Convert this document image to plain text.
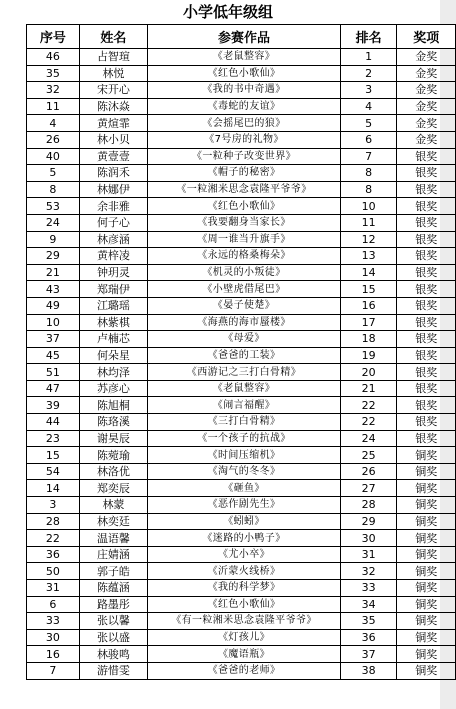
小学低年级组
序号	姓名	参赛作品	排名	奖项
46	占智瑄	《老鼠整容》	1	金奖
35	林悦	《红色小歌仙》	2	金奖
32	宋开心	《我的书中奇遇》	3	金奖
11	陈沐焱	《毒蛇的友谊》	4	金奖
4	黄煊霏	《会摇尾巴的狼》	5	金奖
26	林小贝	《7号房的礼物》	6	金奖
40	黄壹壹	《一粒种子改变世界》	7	银奖
5	陈润禾	《帽子的秘密》	8	银奖
8	林娜伊	《一粒湘米思念袁隆平爷爷》	8	银奖
53	余非雅	《红色小歌仙》	10	银奖
24	何子心	《我要翻身当家长》	11	银奖
9	林彦涵	《周一谁当升旗手》	12	银奖
29	黄梓凌	《永远的格桑梅朵》	13	银奖
21	钟玥灵	《机灵的小叛徒》	14	银奖
43	郑瑞伊	《小壁虎借尾巴》	15	银奖
49	江璐瑶	《晏子使楚》	16	银奖
10	林紫棋	《海燕的海市蜃楼》	17	银奖
37	卢楠芯	《母爱》	18	银奖
45	何朵星	《爸爸的工装》	19	银奖
51	林均泽	《西游记之三打白骨精》	20	银奖
47	苏彦心	《老鼠整容》	21	银奖
39	陈旭桐	《闹言福醒》	22	银奖
44	陈珞溪	《三打白骨精》	22	银奖
23	谢昊辰	《一个孩子的抗战》	24	银奖
15	陈菀瑜	《时间压缩机》	25	铜奖
54	林洛优	《淘气的冬冬》	26	铜奖
14	郑奕辰	《砸鱼》	27	铜奖
3	林蒙	《恶作剧先生》	28	铜奖
28	林奕廷	《蚓蚓》	29	铜奖
22	温语馨	《迷路的小鸭子》	30	铜奖
36	庄婧涵	《尤小卒》	31	铜奖
50	郭子皓	《沂蒙火线桥》	32	铜奖
31	陈蕴涵	《我的科学梦》	33	铜奖
6	路墨彤	《红色小歌仙》	34	铜奖
33	张以馨	《有一粒湘米思念袁隆平爷爷》	35	铜奖
30	张以盛	《灯孩儿》	36	铜奖
16	林骏鸣	《魔语瓶》	37	铜奖
7	游惜雯	《爸爸的老师》	38	铜奖
